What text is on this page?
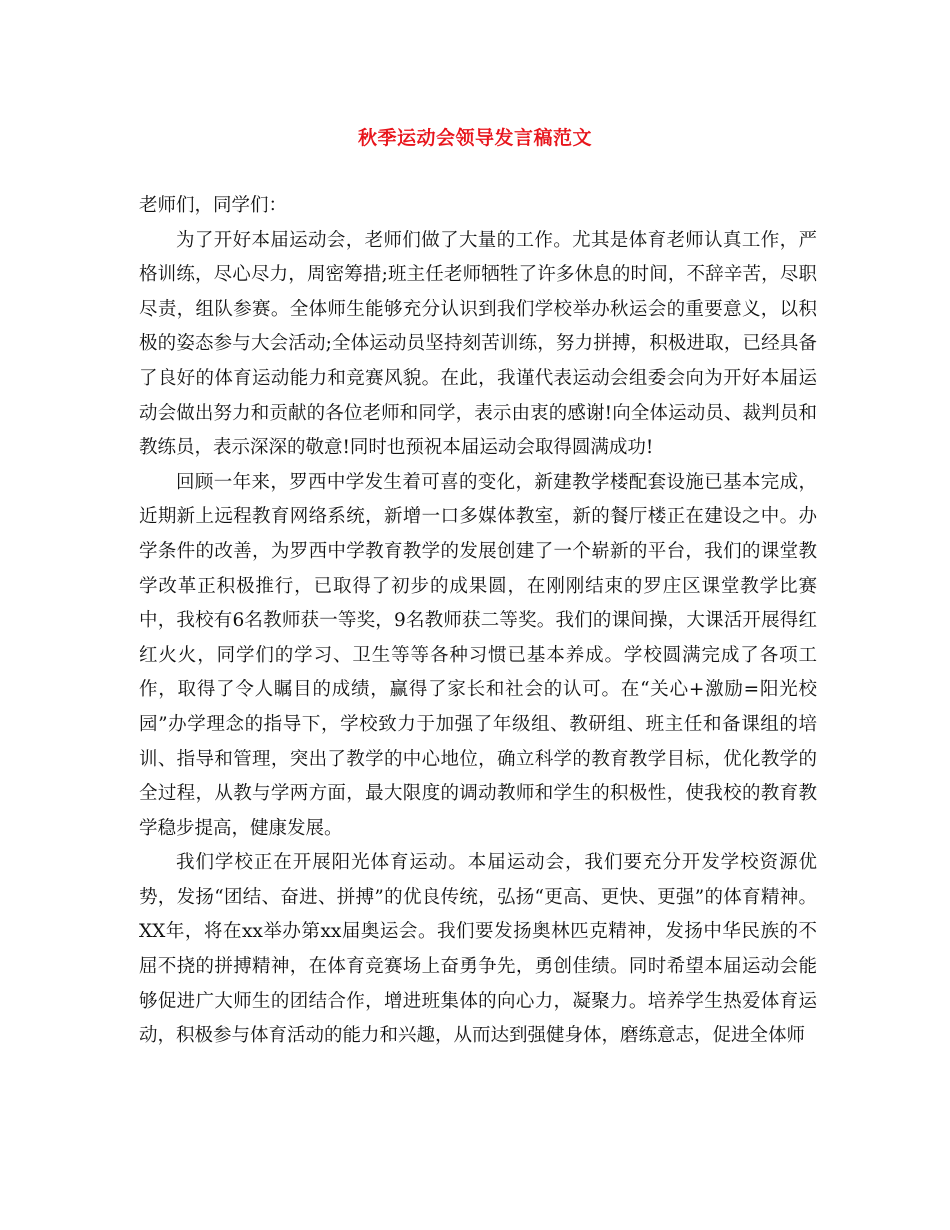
秋季运动会领导发言稿范文

老师们，同学们：

为了开好本届运动会，老师们做了大量的工作。尤其是体育老师认真工作，严格训练，尽心尽力，周密筹措;班主任老师牺牲了许多休息的时间，不辞辛苦，尽职尽责，组队参赛。全体师生能够充分认识到我们学校举办秋运会的重要意义，以积极的姿态参与大会活动;全体运动员坚持刻苦训练，努力拼搏，积极进取，已经具备了良好的体育运动能力和竞赛风貌。在此，我谨代表运动会组委会向为开好本届运动会做出努力和贡献的各位老师和同学，表示由衷的感谢!向全体运动员、裁判员和教练员，表示深深的敬意!同时也预祝本届运动会取得圆满成功!

回顾一年来，罗西中学发生着可喜的变化，新建教学楼配套设施已基本完成，近期新上远程教育网络系统，新增一口多媒体教室，新的餐厅楼正在建设之中。办学条件的改善，为罗西中学教育教学的发展创建了一个崭新的平台，我们的课堂教学改革正积极推行，已取得了初步的成果圆，在刚刚结束的罗庄区课堂教学比赛中，我校有6名教师获一等奖，9名教师获二等奖。我们的课间操，大课活开展得红红火火，同学们的学习、卫生等等各种习惯已基本养成。学校圆满完成了各项工作，取得了令人瞩目的成绩，赢得了家长和社会的认可。在“关心+激励=阳光校园”办学理念的指导下，学校致力于加强了年级组、教研组、班主任和备课组的培训、指导和管理，突出了教学的中心地位，确立科学的教育教学目标，优化教学的全过程，从教与学两方面，最大限度的调动教师和学生的积极性，使我校的教育教学稳步提高，健康发展。

我们学校正在开展阳光体育运动。本届运动会，我们要充分开发学校资源优势，发扬“团结、奋进、拼搏”的优良传统，弘扬“更高、更快、更强”的体育精神。XX年，将在xx举办第xx届奥运会。我们要发扬奥林匹克精神，发扬中华民族的不屈不挠的拼搏精神，在体育竞赛场上奋勇争先，勇创佳绩。同时希望本届运动会能够促进广大师生的团结合作，增进班集体的向心力，凝聚力。培养学生热爱体育运动，积极参与体育活动的能力和兴趣，从而达到强健身体，磨练意志，促进全体师
